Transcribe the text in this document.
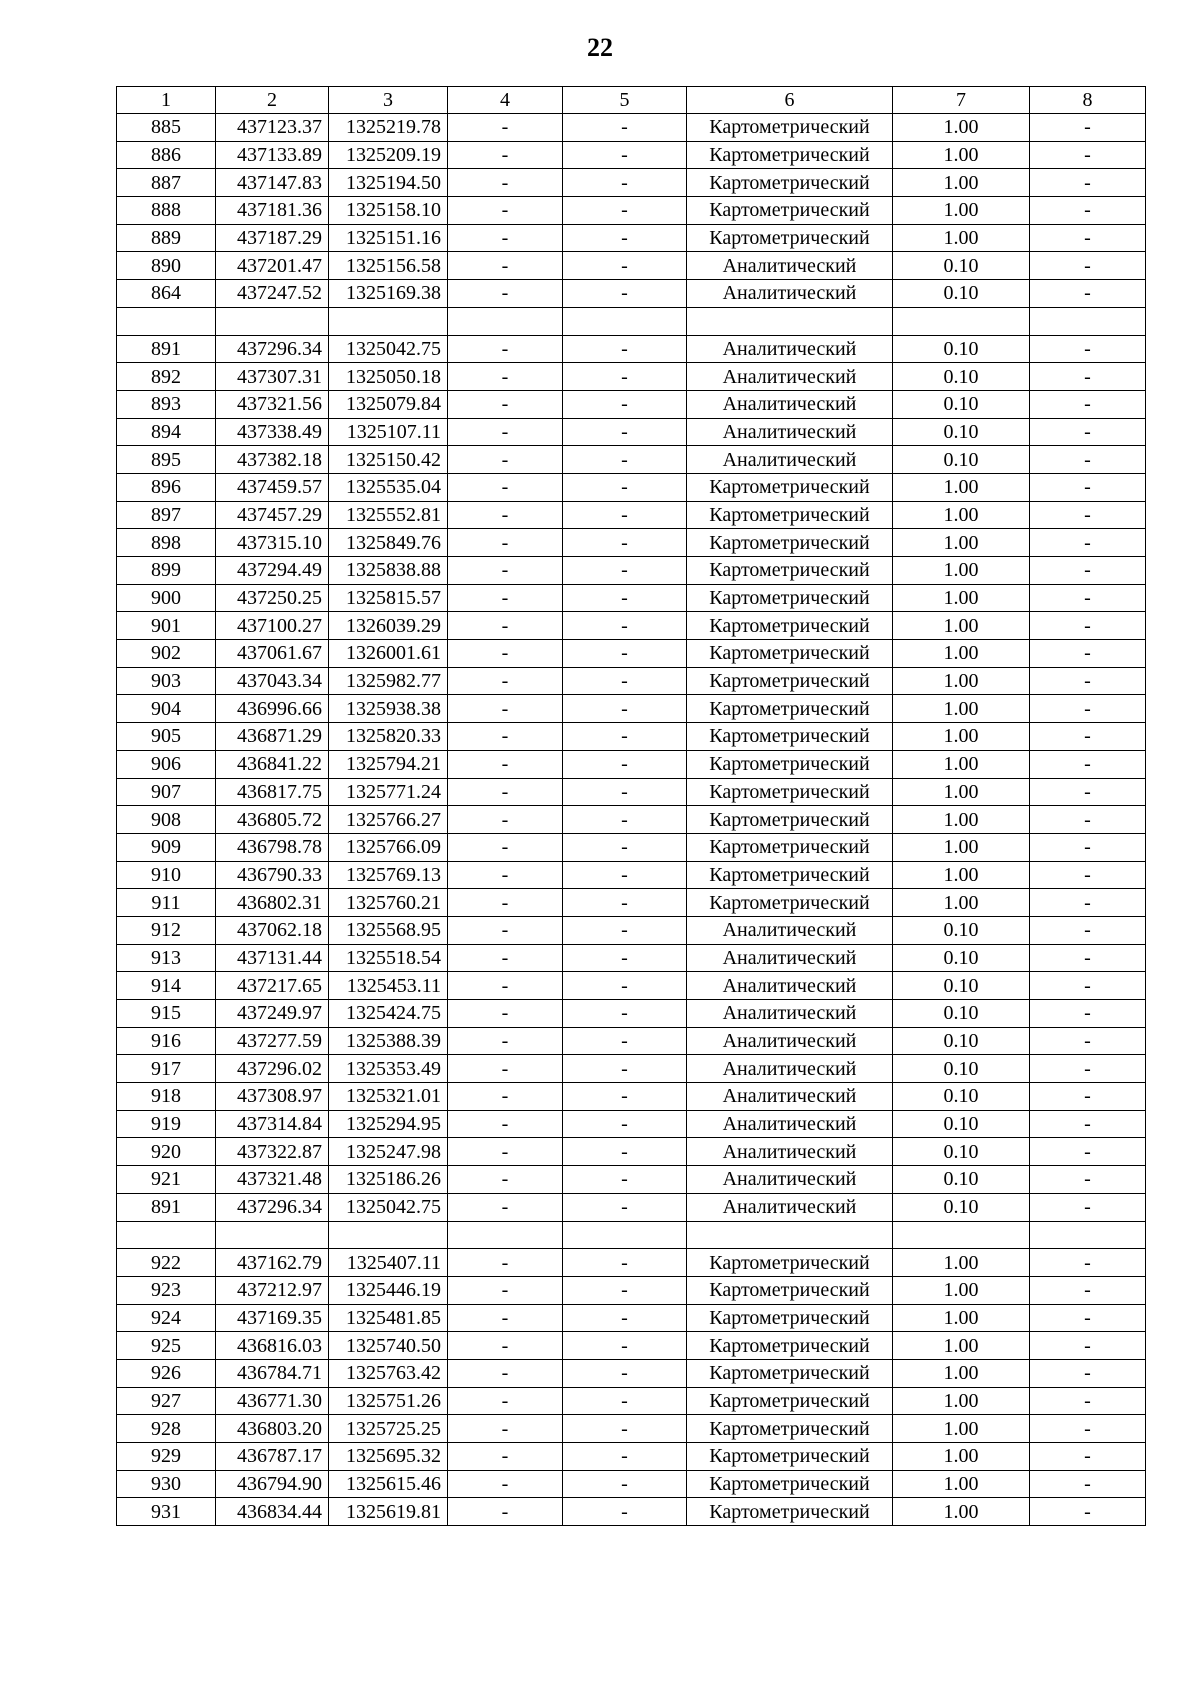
22
1	2	3	4	5	6	7	8
885	437123.37	1325219.78	-	-	Картометрический	1.00	-
886	437133.89	1325209.19	-	-	Картометрический	1.00	-
887	437147.83	1325194.50	-	-	Картометрический	1.00	-
888	437181.36	1325158.10	-	-	Картометрический	1.00	-
889	437187.29	1325151.16	-	-	Картометрический	1.00	-
890	437201.47	1325156.58	-	-	Аналитический	0.10	-
864	437247.52	1325169.38	-	-	Аналитический	0.10	-

891	437296.34	1325042.75	-	-	Аналитический	0.10	-
892	437307.31	1325050.18	-	-	Аналитический	0.10	-
893	437321.56	1325079.84	-	-	Аналитический	0.10	-
894	437338.49	1325107.11	-	-	Аналитический	0.10	-
895	437382.18	1325150.42	-	-	Аналитический	0.10	-
896	437459.57	1325535.04	-	-	Картометрический	1.00	-
897	437457.29	1325552.81	-	-	Картометрический	1.00	-
898	437315.10	1325849.76	-	-	Картометрический	1.00	-
899	437294.49	1325838.88	-	-	Картометрический	1.00	-
900	437250.25	1325815.57	-	-	Картометрический	1.00	-
901	437100.27	1326039.29	-	-	Картометрический	1.00	-
902	437061.67	1326001.61	-	-	Картометрический	1.00	-
903	437043.34	1325982.77	-	-	Картометрический	1.00	-
904	436996.66	1325938.38	-	-	Картометрический	1.00	-
905	436871.29	1325820.33	-	-	Картометрический	1.00	-
906	436841.22	1325794.21	-	-	Картометрический	1.00	-
907	436817.75	1325771.24	-	-	Картометрический	1.00	-
908	436805.72	1325766.27	-	-	Картометрический	1.00	-
909	436798.78	1325766.09	-	-	Картометрический	1.00	-
910	436790.33	1325769.13	-	-	Картометрический	1.00	-
911	436802.31	1325760.21	-	-	Картометрический	1.00	-
912	437062.18	1325568.95	-	-	Аналитический	0.10	-
913	437131.44	1325518.54	-	-	Аналитический	0.10	-
914	437217.65	1325453.11	-	-	Аналитический	0.10	-
915	437249.97	1325424.75	-	-	Аналитический	0.10	-
916	437277.59	1325388.39	-	-	Аналитический	0.10	-
917	437296.02	1325353.49	-	-	Аналитический	0.10	-
918	437308.97	1325321.01	-	-	Аналитический	0.10	-
919	437314.84	1325294.95	-	-	Аналитический	0.10	-
920	437322.87	1325247.98	-	-	Аналитический	0.10	-
921	437321.48	1325186.26	-	-	Аналитический	0.10	-
891	437296.34	1325042.75	-	-	Аналитический	0.10	-

922	437162.79	1325407.11	-	-	Картометрический	1.00	-
923	437212.97	1325446.19	-	-	Картометрический	1.00	-
924	437169.35	1325481.85	-	-	Картометрический	1.00	-
925	436816.03	1325740.50	-	-	Картометрический	1.00	-
926	436784.71	1325763.42	-	-	Картометрический	1.00	-
927	436771.30	1325751.26	-	-	Картометрический	1.00	-
928	436803.20	1325725.25	-	-	Картометрический	1.00	-
929	436787.17	1325695.32	-	-	Картометрический	1.00	-
930	436794.90	1325615.46	-	-	Картометрический	1.00	-
931	436834.44	1325619.81	-	-	Картометрический	1.00	-
